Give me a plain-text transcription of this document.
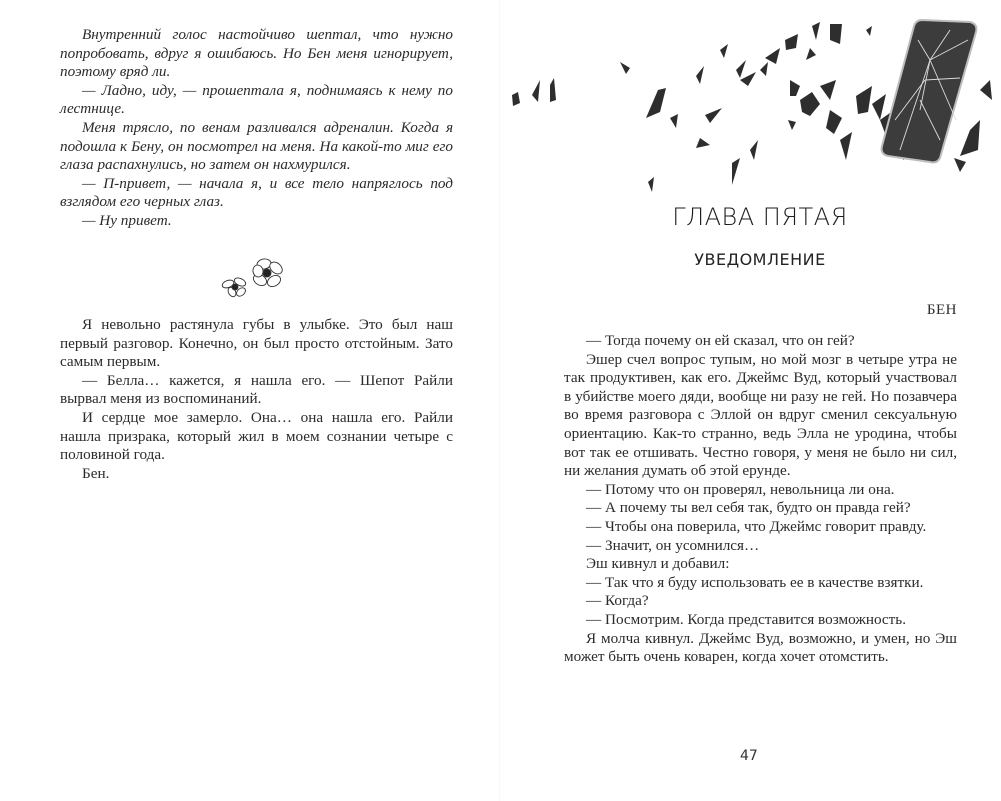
Внутренний голос настойчиво шептал, что нужно попробовать, вдруг я ошибаюсь. Но Бен меня игнорирует, поэтому вряд ли.

— Ладно, иду, — прошептала я, поднимаясь к нему по лестнице.

Меня трясло, по венам разливался адреналин. Когда я подошла к Бену, он посмотрел на меня. На какой-то миг его глаза распахнулись, но затем он нахмурился.

— П-привет, — начала я, и все тело напряглось под взглядом его черных глаз.

— Ну привет.

Я невольно растянула губы в улыбке. Это был наш первый разговор. Конечно, он был просто отстойным. Зато самым первым.

— Белла… кажется, я нашла его. — Шепот Райли вырвал меня из воспоминаний.

И сердце мое замерло. Она… она нашла его. Райли нашла призрака, который жил в моем сознании четыре с половиной года.

Бен.

ГЛАВА ПЯТАЯ
УВЕДОМЛЕНИЕ
БЕН

— Тогда почему он ей сказал, что он гей?

Эшер счел вопрос тупым, но мой мозг в четыре утра не так продуктивен, как его. Джеймс Вуд, который участвовал в убийстве моего дяди, вообще ни разу не гей. Но позавчера во время разговора с Эллой он вдруг сменил сексуальную ориентацию. Как-то странно, ведь Элла не уродина, чтобы вот так ее отшивать. Честно говоря, у меня не было ни сил, ни желания думать об этой ерунде.

— Потому что он проверял, невольница ли она.

— А почему ты вел себя так, будто он правда гей?

— Чтобы она поверила, что Джеймс говорит правду.

— Значит, он усомнился…

Эш кивнул и добавил:

— Так что я буду использовать ее в качестве взятки.

— Когда?

— Посмотрим. Когда представится возможность.

Я молча кивнул. Джеймс Вуд, возможно, и умен, но Эш может быть очень коварен, когда хочет отомстить.

47
